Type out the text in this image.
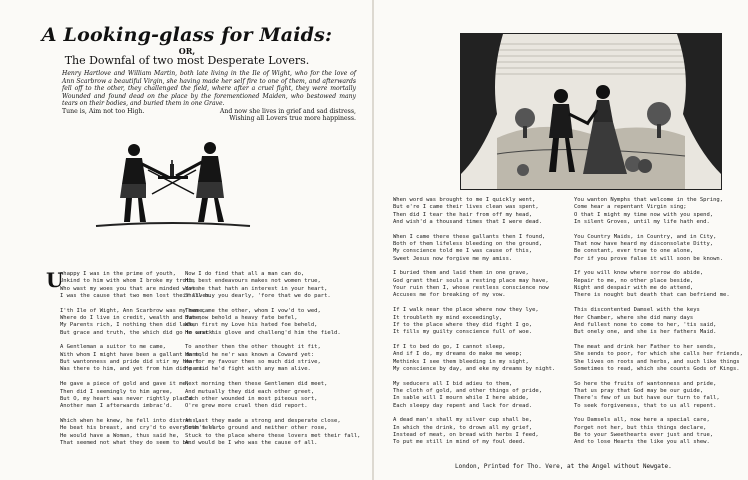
A Looking-glass for Maids:
OR,
The Downfal of two most Desperate Lovers.
Henry Hartlove and William Martin, both late living in the Ile of Wight, who for the love of Ann Scarbrow a beautiful Virgin, she having made her self fire to one of them, and afterwards fell off to the other, they challenged the field, where after a cruel fight, they were mortally Wounded and found dead on the place by the forementioned Maiden, who bestowed many tears on their bodies, and buried them in one Grave.
Tune is, Aim not too High.	And now she lives in grief and sad distress,
Wishing all Lovers true more happiness.
U
nhappy I was in the prime of youth,
Unkind to him with whom I broke my troth,
Who wast my woes you that are minded wives
I was the cause that two men lost their lives.
I'th Ile of Wight, Ann Scarbrow was my name,
Where do I live in credit, wealth and fame,
My Parents rich, I nothing then did lack,
But grace and truth, the which did go to wrack.
A Gentleman a suitor to me came,
With whom I might have been a gallant dame,
But wantonness and pride did stir my heart
Was there to him, and yet from him did part.
He gave a piece of gold and gave it me,
Then did I seemingly to him agree,
But O, my heart was never rightly plac'd
Another man I afterwards imbrac'd.
Which when he knew, he fell into distress,
He beat his breast, and cry'd to every man's ear,
He would have a Woman, thus said he,
That seemed not what they do seem to be.
Now I do find that all a man can do,
His best endeavours makes not women true,
Yet he that hath an interest in your heart,
Shall buy you dearly, 'fore that we do part.
Then came the other, whom I vow'd to wed,
But now behold a heavy fate befel,
When first my Love his hated foe beheld,
He cast his glove and challeng'd him the field.
To another then the other thought it fit,
He told he ne'r was known a Coward yet:
He for my favour then so much did strive,
He said he'd fight with any man alive.
Next morning then these Gentlemen did meet,
And mutually they did each other greet,
Each other wounded in most piteous sort,
O're grew more cruel then did report.
At last they made a strong and desperate close,
Both fell to ground and neither other rose,
Stuck to the place where these lovers met their fall,
And would be I who was the cause of all.
When word was brought to me I quickly went,
But e're I came their lives clean was spent,
Then did I tear the hair from off my head,
And wish'd a thousand times that I were dead.
When I came there these gallants then I found,
Both of them lifeless bleeding on the ground,
My conscience told me I was cause of this,
Sweet Jesus now forgive me my amiss.
I buried them and laid them in one grave,
God grant their souls a resting place may have,
Your ruin then I, whose restless conscience now
Accuses me for breaking of my vow.
If I walk near the place where now they lye,
It troubleth my mind exceedingly,
If to the place where they did fight I go,
It fills my guilty conscience full of woe.
If I to bed do go, I cannot sleep,
And if I do, my dreams do make me weep;
Methinks I see them bleeding in my sight,
My conscience by day, and eke my dreams by night.
My seducers all I bid adieu to them,
The cloth of gold, and other things of pride,
In sable will I mourn while I here abide,
Each sleepy day repent and lack for dread.
A dead man's shall my silver cup shall be,
In which the drink, to drown all my grief,
Instead of meat, on bread with herbs I feed,
To put me still in mind of my foul deed.
You wanton Nymphs that welcome in the Spring,
Come hear a repentant Virgin sing;
O that I might my time now with you spend,
In silent Groves, until my life hath end.
You Country Maids, in Country, and in City,
That now have heard my disconsolate Ditty,
Be constant, ever true to one alone,
For if you prove false it will soon be known.
If you will know where sorrow do abide,
Repair to me, no other place beside,
Night and despair with me do attend,
There is nought but death that can befriend me.
This discontented Damsel with the keys
Her Chamber, where she did many days
And fullest none to come to her, 'tis said,
But onely one, and she is her fathers Maid.
The meat and drink her Father to her sends,
She sends to poor, for which she calls her friends,
She lives on roots and herbs, and such like things
Sometimes to read, which she counts Gods of Kings.
So here the fruits of wantonness and pride,
That us pray that God may be our guide,
There's few of us but have our turn to fall,
To seek forgiveness, that to us all repent.
You Damsels all, now here a special care,
Forget not her, but this things declare,
Be to your Sweethearts ever just and true,
And to lose Hearts the like you all shew.
London, Printed for Tho. Vere, at the Angel without Newgate.
